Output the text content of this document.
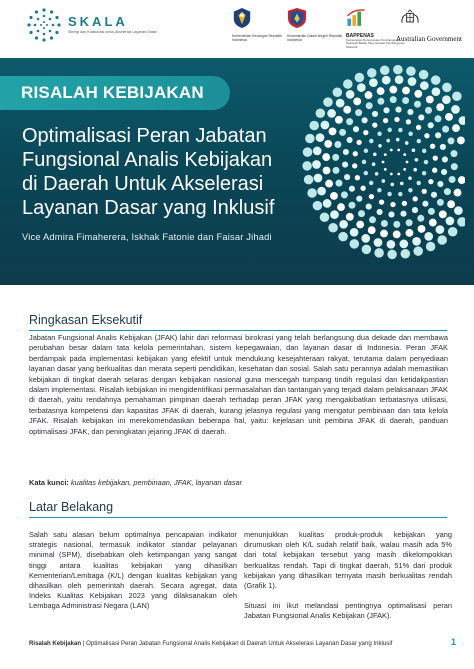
SKALA
Sinergi dan Kolaborasi untuk Akselerasi Layanan Dasar
Kementerian Keuangan Republik Indonesia
Kementerian Dalam Negeri Republik Indonesia
BAPPENAS
Kementerian Perencanaan Pembangunan Nasional/ Badan Perencanaan Pembangunan Nasional
Australian Government
RISALAH KEBIJAKAN
Optimalisasi Peran Jabatan
Fungsional Analis Kebijakan
di Daerah Untuk Akselerasi
Layanan Dasar yang Inklusif
Vice Admira Fimaherera, Iskhak Fatonie dan Faisar Jihadi
Ringkasan Eksekutif
Jabatan Fungsional Analis Kebijakan (JFAK) lahir dari reformasi birokrasi yang telah berlangsung dua dekade dan membawa perubahan besar dalam tata kelola pemerintahan, sistem kepegawaian, dan layanan dasar di Indonesia. Peran JFAK berdampak pada implementasi kebijakan yang efektif untuk mendukung kesejahteraan rakyat, terutama dalam penyediaan layanan dasar yang berkualitas dan merata seperti pendidikan, kesehatan dan sosial. Salah satu perannya adalah memastikan kebijakan di tingkat daerah selaras dengan kebijakan nasional guna mencegah tumpang tindih regulasi dan ketidakpastian dalam implementasi. Risalah kebijakan ini mengidentifikasi permasalahan dan tantangan yang terjadi dalam pelaksanaan JFAK di daerah, yaitu rendahnya pemahaman pimpinan daerah terhadap peran JFAK yang mengakibatkan terbatasnya utilisasi, terbatasnya kompetensi dan kapasitas JFAK di daerah, kurang jelasnya regulasi yang mengatur pembinaan dan tata kelola JFAK. Risalah kebijakan ini merekomendasikan beberapa hal, yaitu: kejelasan unit pembina JFAK di daerah, panduan optimalisasi JFAK, dan peningkatan jejaring JFAK di daerah.
Kata kunci: kualitas kebijakan, pembinaan, JFAK, layanan dasar
Latar Belakang

Salah satu alasan belum optimalnya pencapaian indikator strategis nasional, termasuk indikator standar pelayanan minimal (SPM), disebabkan oleh ketimpangan yang sangat tinggi antara kualitas kebijakan yang dihasilkan Kementerian/Lembaga (K/L) dengan kualitas kebijakan yang dihasilkan oleh pemerintah daerah. Secara agregat, data Indeks Kualitas Kebijakan 2023 yang dilaksanakan oleh Lembaga Administrasi Negara (LAN)

menunjukkan kualitas produk-produk kebijakan yang dirumuskan oleh K/L sudah relatif baik, walau masih ada 5% dari total kebijakan tersebut yang masih dikelompokkan berkualitas rendah. Tapi di tingkat daerah, 51% dari produk kebijakan yang dihasilkan ternyata masih berkualitas rendah (Grafik 1).

Situasi ini ikut melandasi pentingnya optimalisasi peran Jabatan Fungsional Analis Kebijakan (JFAK).

Risalah Kebijakan | Optimalisasi Peran Jabatan Fungsional Analis Kebijakan di Daerah Untuk Akselerasi Layanan Dasar yang Inklusif	1
